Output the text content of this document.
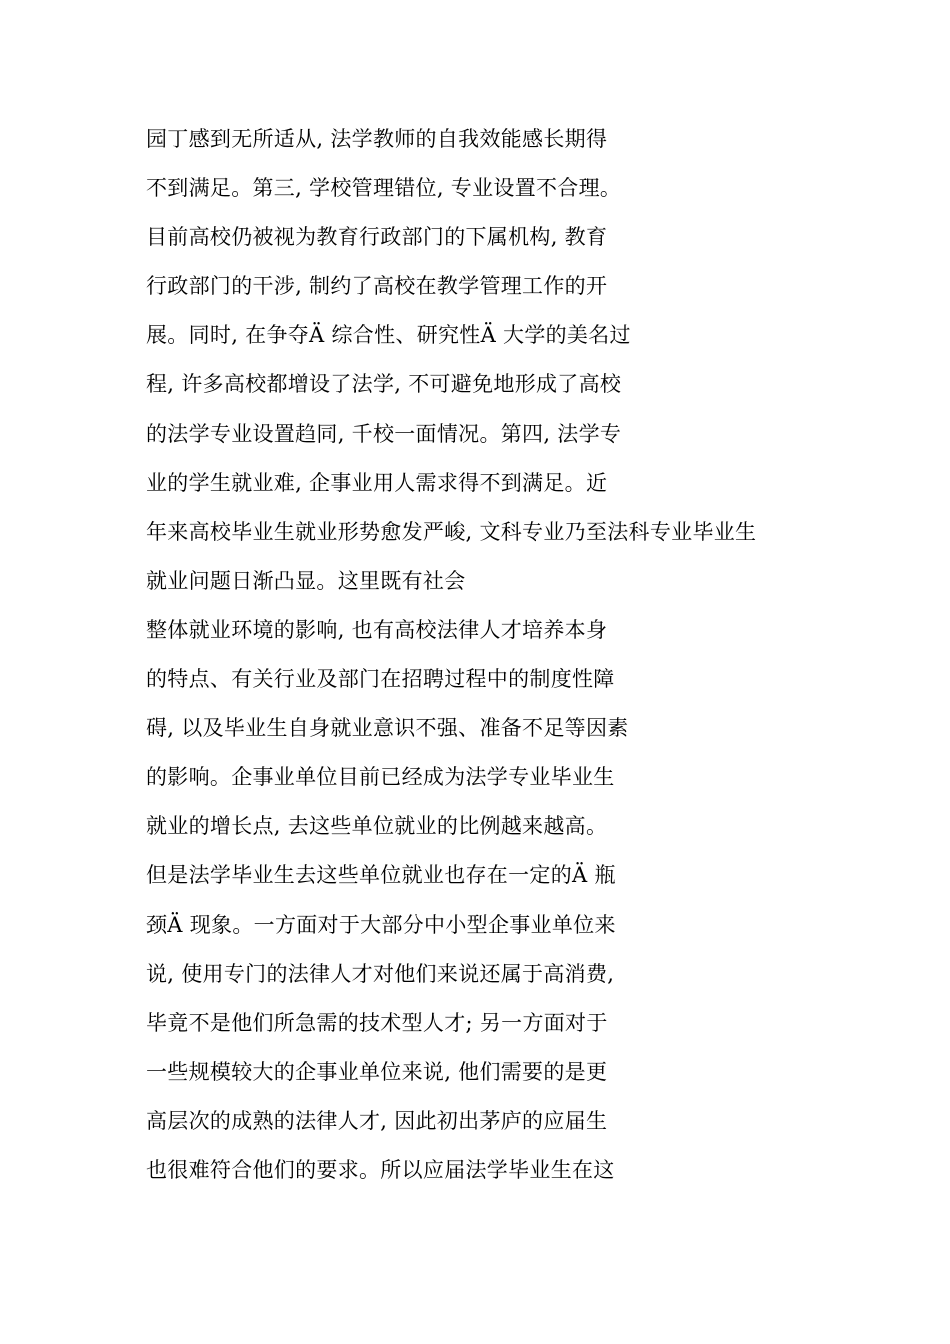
园丁感到无所适从, 法学教师的自我效能感长期得
不到满足。第三, 学校管理错位, 专业设置不合理。
目前高校仍被视为教育行政部门的下属机构, 教育
行政部门的干涉, 制约了高校在教学管理工作的开
展。同时, 在争夺Ä 综合性、研究性Ä 大学的美名过
程, 许多高校都增设了法学, 不可避免地形成了高校
的法学专业设置趋同, 千校一面情况。第四, 法学专
业的学生就业难, 企事业用人需求得不到满足。近
年来高校毕业生就业形势愈发严峻, 文科专业乃至法科专业毕业生
就业问题日渐凸显。这里既有社会
整体就业环境的影响, 也有高校法律人才培养本身
的特点、有关行业及部门在招聘过程中的制度性障
碍, 以及毕业生自身就业意识不强、准备不足等因素
的影响。企事业单位目前已经成为法学专业毕业生
就业的增长点, 去这些单位就业的比例越来越高。
但是法学毕业生去这些单位就业也存在一定的Ä 瓶
颈Ä 现象。一方面对于大部分中小型企事业单位来
说, 使用专门的法律人才对他们来说还属于高消费,
毕竟不是他们所急需的技术型人才; 另一方面对于
一些规模较大的企事业单位来说, 他们需要的是更
高层次的成熟的法律人才, 因此初出茅庐的应届生
也很难符合他们的要求。所以应届法学毕业生在这
